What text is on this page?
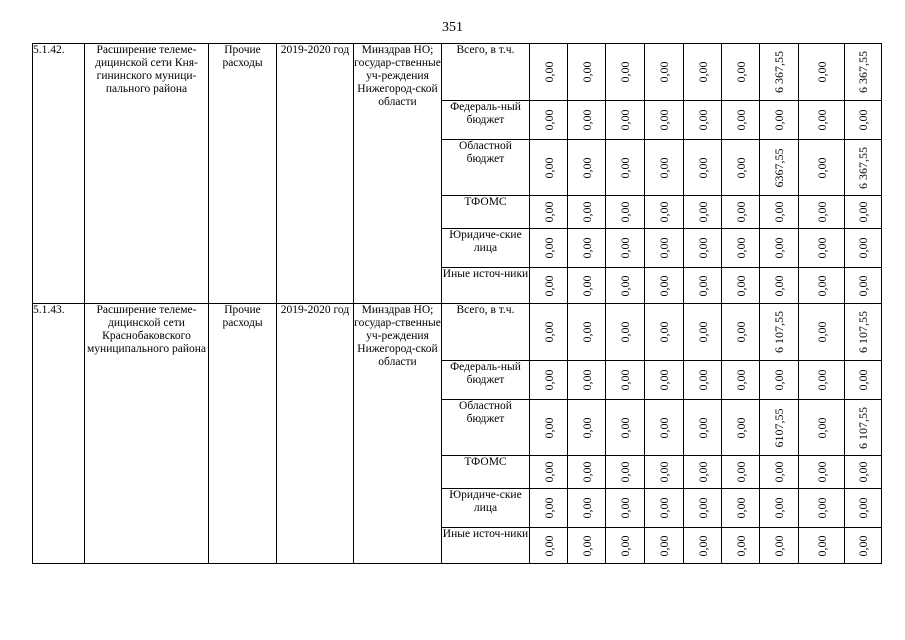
351
5.1.42.	Расширение телеме-дицинской сети Кня-гининского муници-пального района	Прочие расходы	2019-2020 год	Минздрав НО; государ-ственные уч-реждения Нижегород-ской области	Всего, в т.ч.	0,00	0,00	0,00	0,00	0,00	0,00	6 367,55	0,00	6 367,55

					Федераль-ный бюджет	0,00	0,00	0,00	0,00	0,00	0,00	0,00	0,00	0,00

					Областной бюджет	0,00	0,00	0,00	0,00	0,00	0,00	6367,55	0,00	6 367,55

					ТФОМС	0,00	0,00	0,00	0,00	0,00	0,00	0,00	0,00	0,00

					Юридиче-ские лица	0,00	0,00	0,00	0,00	0,00	0,00	0,00	0,00	0,00

					Иные источ-ники	0,00	0,00	0,00	0,00	0,00	0,00	0,00	0,00	0,00

5.1.43.	Расширение телеме-дицинской сети Краснобаковского муниципального района	Прочие расходы	2019-2020 год	Минздрав НО; государ-ственные уч-реждения Нижегород-ской области	Всего, в т.ч.	0,00	0,00	0,00	0,00	0,00	0,00	6 107,55	0,00	6 107,55

					Федераль-ный бюджет	0,00	0,00	0,00	0,00	0,00	0,00	0,00	0,00	0,00

					Областной бюджет	0,00	0,00	0,00	0,00	0,00	0,00	6107,55	0,00	6 107,55

					ТФОМС	0,00	0,00	0,00	0,00	0,00	0,00	0,00	0,00	0,00

					Юридиче-ские лица	0,00	0,00	0,00	0,00	0,00	0,00	0,00	0,00	0,00

					Иные источ-ники	0,00	0,00	0,00	0,00	0,00	0,00	0,00	0,00	0,00
